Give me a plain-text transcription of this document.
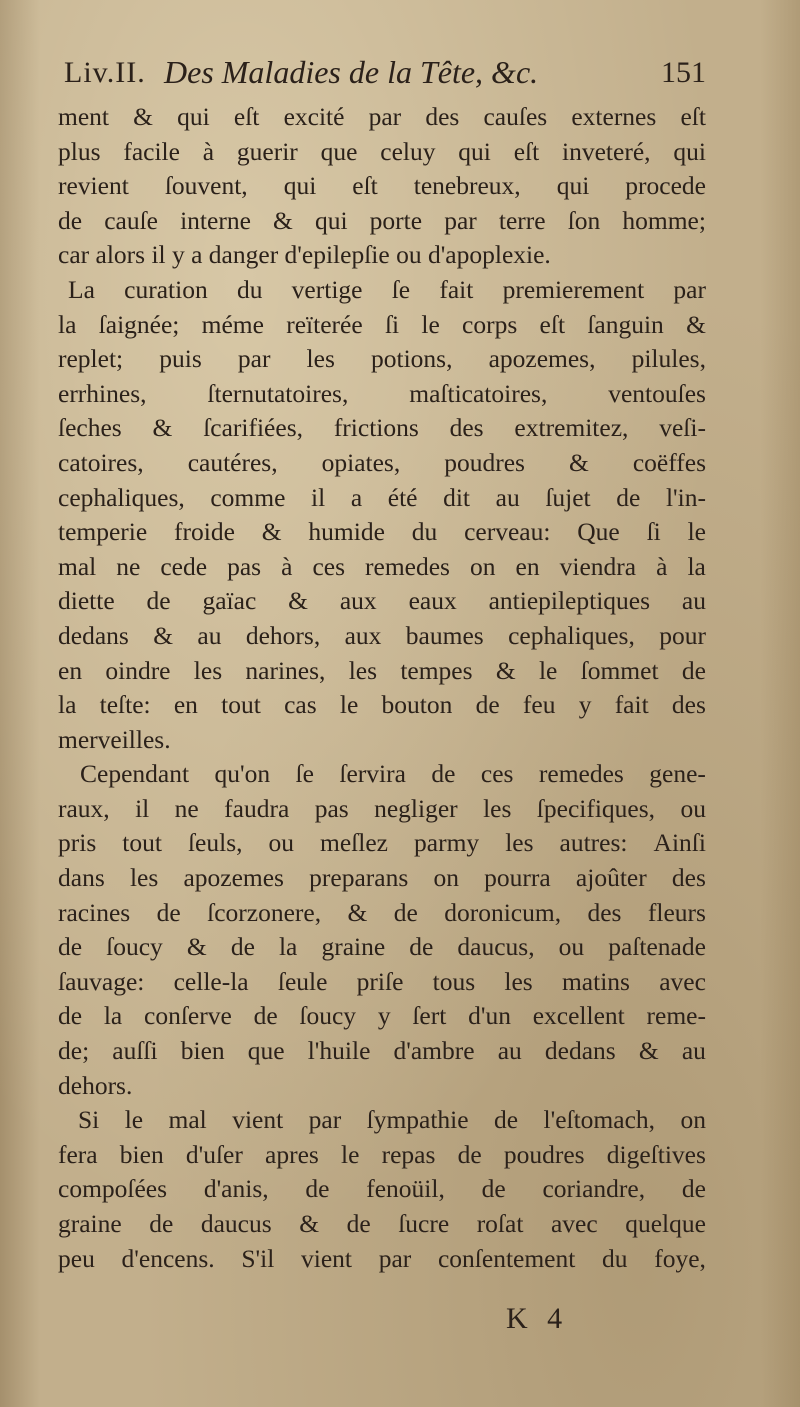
Liv.II. Des Maladies de la Tête, &c.	151
ment & qui eſt excité par des cauſes externes eſt
plus facile à guerir que celuy qui eſt inveteré, qui
revient ſouvent, qui eſt tenebreux, qui procede
de cauſe interne & qui porte par terre ſon homme;
car alors il y a danger d'epilepſie ou d'apoplexie.
La curation du vertige ſe fait premierement par
la ſaignée; méme reïterée ſi le corps eſt ſanguin &
replet; puis par les potions, apozemes, pilules,
errhines, ſternutatoires, maſticatoires, ventouſes
ſeches & ſcarifiées, frictions des extremitez, veſi-
catoires, cautéres, opiates, poudres & coëffes
cephaliques, comme il a été dit au ſujet de l'in-
temperie froide & humide du cerveau: Que ſi le
mal ne cede pas à ces remedes on en viendra à la
diette de gaïac & aux eaux antiepileptiques au
dedans & au dehors, aux baumes cephaliques, pour
en oindre les narines, les tempes & le ſommet de
la teſte: en tout cas le bouton de feu y fait des
merveilles.
Cependant qu'on ſe ſervira de ces remedes gene-
raux, il ne faudra pas negliger les ſpecifiques, ou
pris tout ſeuls, ou meſlez parmy les autres: Ainſi
dans les apozemes preparans on pourra ajoûter des
racines de ſcorzonere, & de doronicum, des fleurs
de ſoucy & de la graine de daucus, ou paſtenade
ſauvage: celle-la ſeule priſe tous les matins avec
de la conſerve de ſoucy y ſert d'un excellent reme-
de; auſſi bien que l'huile d'ambre au dedans & au
dehors.
Si le mal vient par ſympathie de l'eſtomach, on
fera bien d'uſer apres le repas de poudres digeſtives
compoſées d'anis, de fenoüil, de coriandre, de
graine de daucus & de ſucre roſat avec quelque
peu d'encens. S'il vient par conſentement du foye,
K 4
